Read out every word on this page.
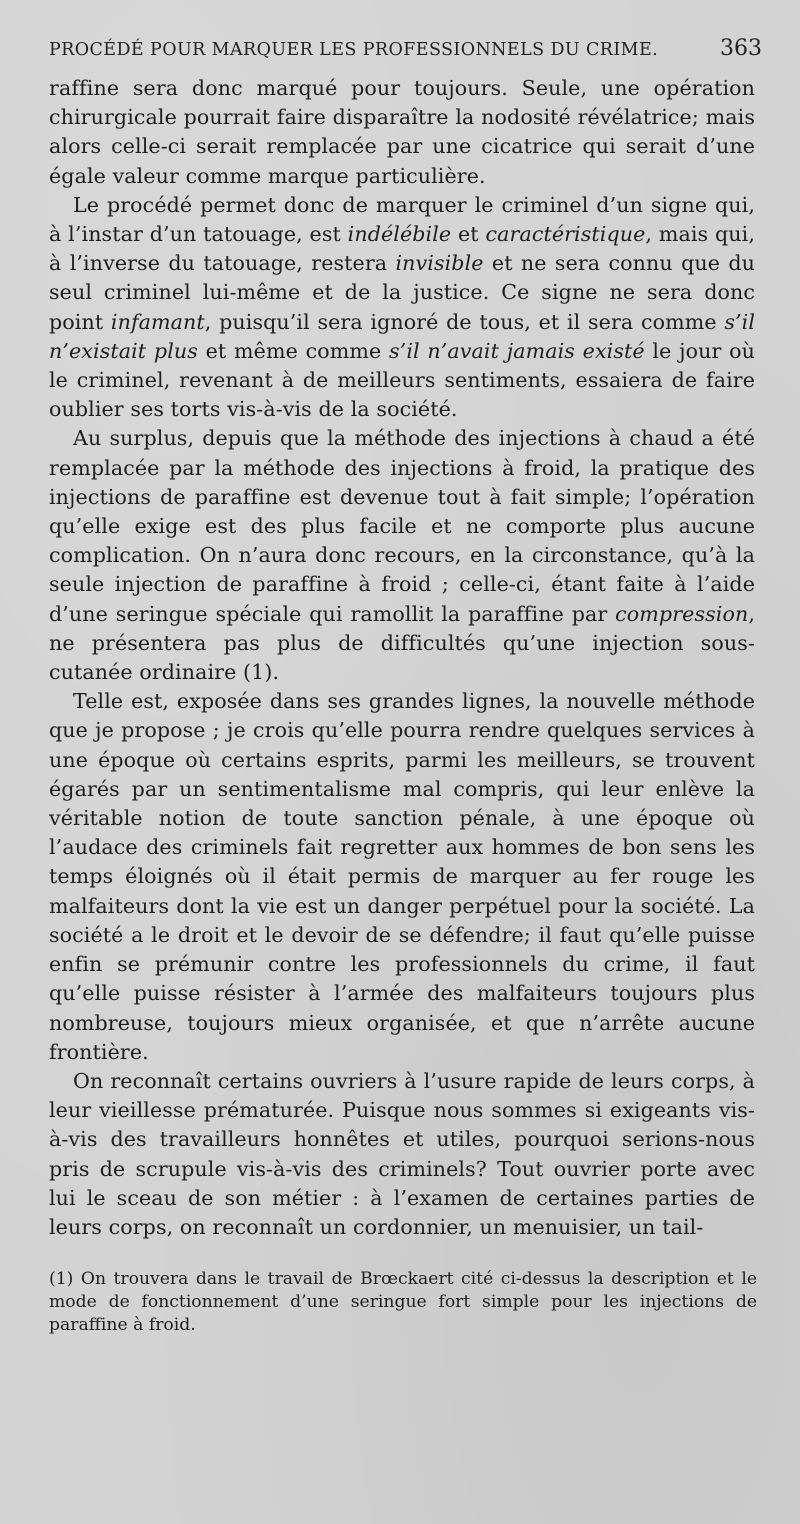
PROCÉDÉ POUR MARQUER LES PROFESSIONNELS DU CRIME.	363

raffine sera donc marqué pour toujours. Seule, une opération chirurgicale pourrait faire disparaître la nodosité révélatrice; mais alors celle-ci serait remplacée par une cicatrice qui serait d’une égale valeur comme marque particulière.

Le procédé permet donc de marquer le criminel d’un signe qui, à l’instar d’un tatouage, est indélébile et caractéristique, mais qui, à l’inverse du tatouage, restera invisible et ne sera connu que du seul criminel lui-même et de la justice. Ce signe ne sera donc point infamant, puisqu’il sera ignoré de tous, et il sera comme s’il n’existait plus et même comme s’il n’avait jamais existé le jour où le criminel, revenant à de meilleurs sentiments, essaiera de faire oublier ses torts vis-à-vis de la société.

Au surplus, depuis que la méthode des injections à chaud a été remplacée par la méthode des injections à froid, la pratique des injections de paraffine est devenue tout à fait simple; l’opération qu’elle exige est des plus facile et ne comporte plus aucune complication. On n’aura donc recours, en la circonstance, qu’à la seule injection de paraffine à froid ; celle-ci, étant faite à l’aide d’une seringue spéciale qui ramollit la paraffine par compression, ne présentera pas plus de difficultés qu’une injection sous-cutanée ordinaire (1).

Telle est, exposée dans ses grandes lignes, la nouvelle méthode que je propose ; je crois qu’elle pourra rendre quelques services à une époque où certains esprits, parmi les meilleurs, se trouvent égarés par un sentimentalisme mal compris, qui leur enlève la véritable notion de toute sanction pénale, à une époque où l’audace des criminels fait regretter aux hommes de bon sens les temps éloignés où il était permis de marquer au fer rouge les malfaiteurs dont la vie est un danger perpétuel pour la société. La société a le droit et le devoir de se défendre; il faut qu’elle puisse enfin se prémunir contre les professionnels du crime, il faut qu’elle puisse résister à l’armée des malfaiteurs toujours plus nombreuse, toujours mieux organisée, et que n’arrête aucune frontière.

On reconnaît certains ouvriers à l’usure rapide de leurs corps, à leur vieillesse prématurée. Puisque nous sommes si exigeants vis-à-vis des travailleurs honnêtes et utiles, pourquoi serions-nous pris de scrupule vis-à-vis des criminels? Tout ouvrier porte avec lui le sceau de son métier : à l’examen de certaines parties de leurs corps, on reconnaît un cordonnier, un menuisier, un tail-

(1) On trouvera dans le travail de Brœckaert cité ci-dessus la description et le mode de fonctionnement d’une seringue fort simple pour les injections de paraffine à froid.
